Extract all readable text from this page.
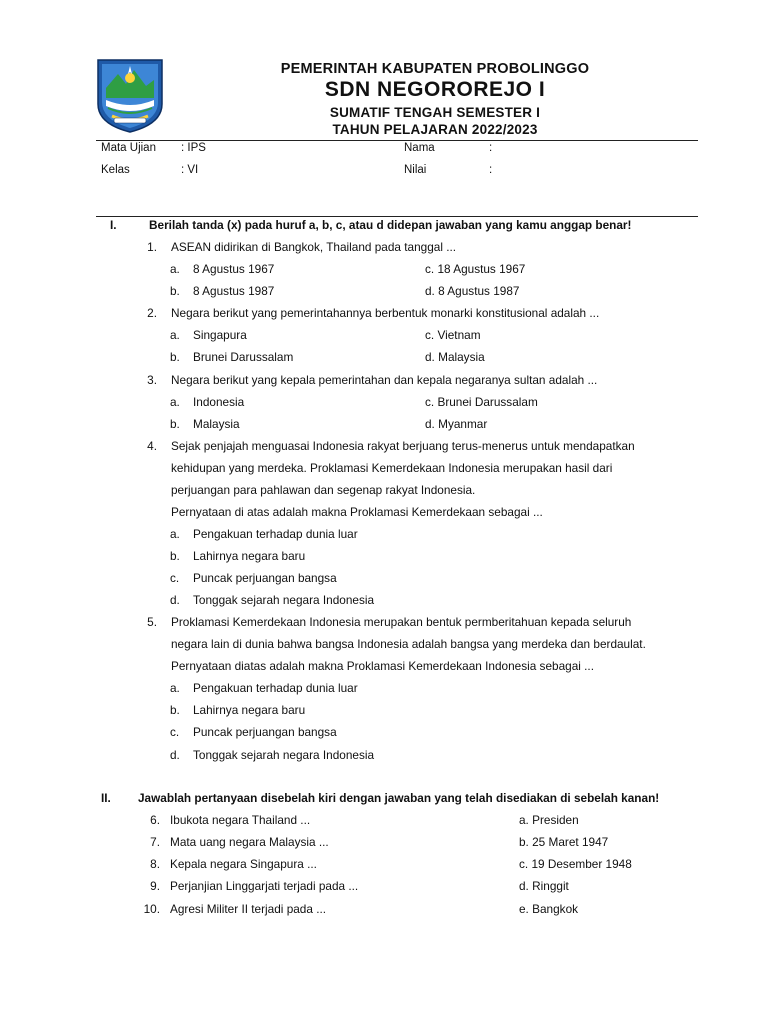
PEMERINTAH KABUPATEN PROBOLINGGO
SDN NEGOROREJO I
SUMATIF TENGAH SEMESTER I
TAHUN PELAJARAN 2022/2023
Mata Ujian : IPS
Kelas	: VI
Nama	:
Nilai	:
I.	Berilah tanda (x) pada huruf a, b, c, atau d didepan jawaban yang kamu anggap benar!
1. ASEAN didirikan di Bangkok, Thailand pada tanggal ...
a. 8 Agustus 1967
b. 8 Agustus 1987
c. 18 Agustus 1967
d. 8 Agustus 1987
2. Negara berikut yang pemerintahannya berbentuk monarki konstitusional adalah ...
a. Singapura
b. Brunei Darussalam
c. Vietnam
d. Malaysia
3. Negara berikut yang kepala pemerintahan dan kepala negaranya sultan adalah ...
a. Indonesia
b. Malaysia
c. Brunei Darussalam
d. Myanmar
4. Sejak penjajah menguasai Indonesia rakyat berjuang terus-menerus untuk mendapatkan
kehidupan yang merdeka. Proklamasi Kemerdekaan Indonesia merupakan hasil dari
perjuangan para pahlawan dan segenap rakyat Indonesia.
Pernyataan di atas adalah makna Proklamasi Kemerdekaan sebagai ...
a. Pengakuan terhadap dunia luar
b. Lahirnya negara baru
c. Puncak perjuangan bangsa
d. Tonggak sejarah negara Indonesia
5. Proklamasi Kemerdekaan Indonesia merupakan bentuk permberitahuan kepada seluruh
negara lain di dunia bahwa bangsa Indonesia adalah bangsa yang merdeka dan berdaulat.
Pernyataan diatas adalah makna Proklamasi Kemerdekaan Indonesia sebagai ...
a. Pengakuan terhadap dunia luar
b. Lahirnya negara baru
c. Puncak perjuangan bangsa
d. Tonggak sejarah negara Indonesia
II. Jawablah pertanyaan disebelah kiri dengan jawaban yang telah disediakan di sebelah kanan!
6. Ibukota negara Thailand ...	a. Presiden
7. Mata uang negara Malaysia ...	b. 25 Maret 1947
8. Kepala negara Singapura ...	c. 19 Desember 1948
9. Perjanjian Linggarjati terjadi pada ...	d. Ringgit
10. Agresi Militer II terjadi pada ...	e. Bangkok
